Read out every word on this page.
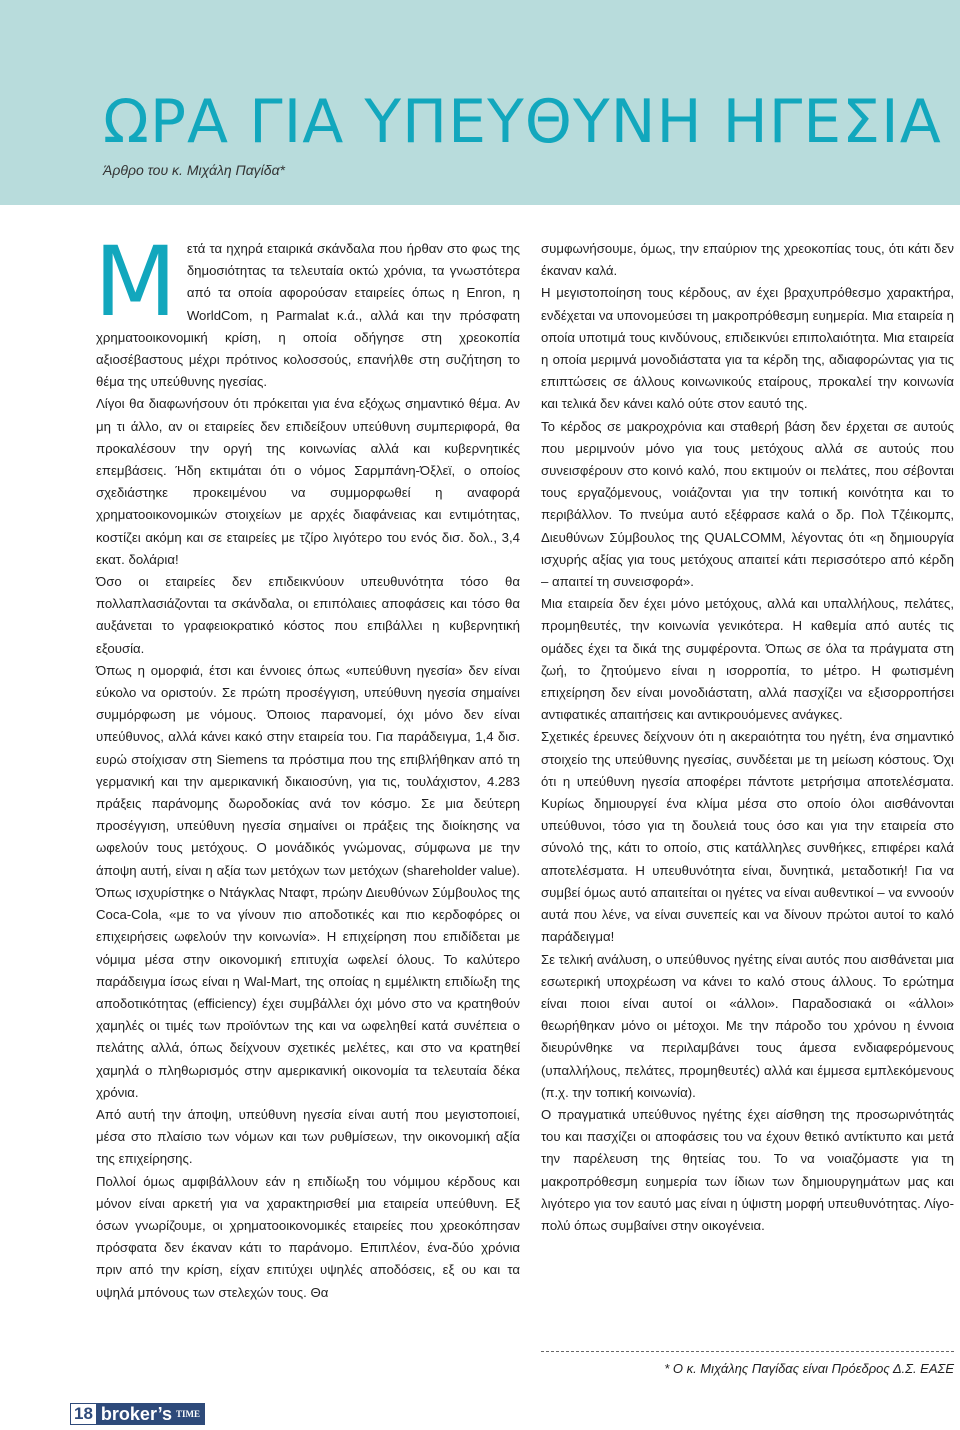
ΩΡΑ ΓΙΑ ΥΠΕΥΘΥΝΗ ΗΓΕΣΙΑ
Άρθρο του κ. Μιχάλη Παγίδα*

Μετά τα ηχηρά εταιρικά σκάνδαλα που ήρθαν στο φως της δημοσιότητας τα τελευταία οκτώ χρόνια, τα γνωστότερα από τα οποία αφορούσαν εταιρείες όπως η Enron, η WorldCom, η Parmalat κ.ά., αλλά και την πρόσφατη χρηματοοικονομική κρίση, η οποία οδήγησε στη χρεοκοπία αξιοσέβαστους μέχρι πρότινος κολοσσούς, επανήλθε στη συζήτηση το θέμα της υπεύθυνης ηγεσίας.

Λίγοι θα διαφωνήσουν ότι πρόκειται για ένα εξόχως σημαντικό θέμα. Αν μη τι άλλο, αν οι εταιρείες δεν επιδείξουν υπεύθυνη συμπεριφορά, θα προκαλέσουν την οργή της κοινωνίας αλλά και κυβερνητικές επεμβάσεις. Ήδη εκτιμάται ότι ο νόμος Σαρμπάνη-Όξλεϊ, ο οποίος σχεδιάστηκε προκειμένου να συμμορφωθεί η αναφορά χρηματοοικονομικών στοιχείων με αρχές διαφάνειας και εντιμότητας, κοστίζει ακόμη και σε εταιρείες με τζίρο λιγότερο του ενός δισ. δολ., 3,4 εκατ. δολάρια!

Όσο οι εταιρείες δεν επιδεικνύουν υπευθυνότητα τόσο θα πολλαπλασιάζονται τα σκάνδαλα, οι επιπόλαιες αποφάσεις και τόσο θα αυξάνεται το γραφειοκρατικό κόστος που επιβάλλει η κυβερνητική εξουσία.

Όπως η ομορφιά, έτσι και έννοιες όπως «υπεύθυνη ηγεσία» δεν είναι εύκολο να οριστούν. Σε πρώτη προσέγγιση, υπεύθυνη ηγεσία σημαίνει συμμόρφωση με νόμους. Όποιος παρανομεί, όχι μόνο δεν είναι υπεύθυνος, αλλά κάνει κακό στην εταιρεία του. Για παράδειγμα, 1,4 δισ. ευρώ στοίχισαν στη Siemens τα πρόστιμα που της επιβλήθηκαν από τη γερμανική και την αμερικανική δικαιοσύνη, για τις, τουλάχιστον, 4.283 πράξεις παράνομης δωροδοκίας ανά τον κόσμο. Σε μια δεύτερη προσέγγιση, υπεύθυνη ηγεσία σημαίνει οι πράξεις της διοίκησης να ωφελούν τους μετόχους. Ο μονάδικός γνώμονας, σύμφωνα με την άποψη αυτή, είναι η αξία των μετόχων των μετόχων (shareholder value). Όπως ισχυρίστηκε ο Ντάγκλας Νταφτ, πρώην Διευθύνων Σύμβουλος της Coca-Cola, «με το να γίνουν πιο αποδοτικές και πιο κερδοφόρες οι επιχειρήσεις ωφελούν την κοινωνία». Η επιχείρηση που επιδίδεται με νόμιμα μέσα στην οικονομική επιτυχία ωφελεί όλους. Το καλύτερο παράδειγμα ίσως είναι η Wal-Mart, της οποίας η εμμέλικτη επιδίωξη της αποδοτικότητας (efficiency) έχει συμβάλλει όχι μόνο στο να κρατηθούν χαμηλές οι τιμές των προϊόντων της και να ωφεληθεί κατά συνέπεια ο πελάτης αλλά, όπως δείχνουν σχετικές μελέτες, και στο να κρατηθεί χαμηλά ο πληθωρισμός στην αμερικανική οικονομία τα τελευταία δέκα χρόνια.

Από αυτή την άποψη, υπεύθυνη ηγεσία είναι αυτή που μεγιστοποιεί, μέσα στο πλαίσιο των νόμων και των ρυθμίσεων, την οικονομική αξία της επιχείρησης.

Πολλοί όμως αμφιβάλλουν εάν η επιδίωξη του νόμιμου κέρδους και μόνον είναι αρκετή για να χαρακτηρισθεί μια εταιρεία υπεύθυνη. Εξ όσων γνωρίζουμε, οι χρηματοοικονομικές εταιρείες που χρεοκόπησαν πρόσφατα δεν έκαναν κάτι το παράνομο. Επιπλέον, ένα-δύο χρόνια πριν από την κρίση, είχαν επιτύχει υψηλές αποδόσεις, εξ ου και τα υψηλά μπόνους των στελεχών τους. Θα

συμφωνήσουμε, όμως, την επαύριον της χρεοκοπίας τους, ότι κάτι δεν έκαναν καλά.

Η μεγιστοποίηση τους κέρδους, αν έχει βραχυπρόθεσμο χαρακτήρα, ενδέχεται να υπονομεύσει τη μακροπρόθεσμη ευημερία. Μια εταιρεία η οποία υποτιμά τους κινδύνους, επιδεικνύει επιπολαιότητα. Μια εταιρεία η οποία μεριμνά μονοδιάστατα για τα κέρδη της, αδιαφορώντας για τις επιπτώσεις σε άλλους κοινωνικούς εταίρους, προκαλεί την κοινωνία και τελικά δεν κάνει καλό ούτε στον εαυτό της.

Το κέρδος σε μακροχρόνια και σταθερή βάση δεν έρχεται σε αυτούς που μεριμνούν μόνο για τους μετόχους αλλά σε αυτούς που συνεισφέρουν στο κοινό καλό, που εκτιμούν οι πελάτες, που σέβονται τους εργαζόμενους, νοιάζονται για την τοπική κοινότητα και το περιβάλλον. Το πνεύμα αυτό εξέφρασε καλά ο δρ. Πολ Τζέικομπς, Διευθύνων Σύμβουλος της QUALCOMM, λέγοντας ότι «η δημιουργία ισχυρής αξίας για τους μετόχους απαιτεί κάτι περισσότερο από κέρδη – απαιτεί τη συνεισφορά».

Μια εταιρεία δεν έχει μόνο μετόχους, αλλά και υπαλλήλους, πελάτες, προμηθευτές, την κοινωνία γενικότερα. Η καθεμία από αυτές τις ομάδες έχει τα δικά της συμφέροντα. Όπως σε όλα τα πράγματα στη ζωή, το ζητούμενο είναι η ισορροπία, το μέτρο. Η φωτισμένη επιχείρηση δεν είναι μονοδιάστατη, αλλά πασχίζει να εξισορροπήσει αντιφατικές απαιτήσεις και αντικρουόμενες ανάγκες.

Σχετικές έρευνες δείχνουν ότι η ακεραιότητα του ηγέτη, ένα σημαντικό στοιχείο της υπεύθυνης ηγεσίας, συνδέεται με τη μείωση κόστους. Όχι ότι η υπεύθυνη ηγεσία αποφέρει πάντοτε μετρήσιμα αποτελέσματα. Κυρίως δημιουργεί ένα κλίμα μέσα στο οποίο όλοι αισθάνονται υπεύθυνοι, τόσο για τη δουλειά τους όσο και για την εταιρεία στο σύνολό της, κάτι το οποίο, στις κατάλληλες συνθήκες, επιφέρει καλά αποτελέσματα. Η υπευθυνότητα είναι, δυνητικά, μεταδοτική! Για να συμβεί όμως αυτό απαιτείται οι ηγέτες να είναι αυθεντικοί – να εννοούν αυτά που λένε, να είναι συνεπείς και να δίνουν πρώτοι αυτοί το καλό παράδειγμα!

Σε τελική ανάλυση, ο υπεύθυνος ηγέτης είναι αυτός που αισθάνεται μια εσωτερική υποχρέωση να κάνει το καλό στους άλλους. Το ερώτημα είναι ποιοι είναι αυτοί οι «άλλοι». Παραδοσιακά οι «άλλοι» θεωρήθηκαν μόνο οι μέτοχοι. Με την πάροδο του χρόνου η έννοια διευρύνθηκε να περιλαμβάνει τους άμεσα ενδιαφερόμενους (υπαλλήλους, πελάτες, προμηθευτές) αλλά και έμμεσα εμπλεκόμενους (π.χ. την τοπική κοινωνία).

Ο πραγματικά υπεύθυνος ηγέτης έχει αίσθηση της προσωρινότητάς του και πασχίζει οι αποφάσεις του να έχουν θετικό αντίκτυπο και μετά την παρέλευση της θητείας του. Το να νοιαζόμαστε για τη μακροπρόθεσμη ευημερία των ίδιων των δημιουργημάτων μας και λιγότερο για τον εαυτό μας είναι η ύψιστη μορφή υπευθυνότητας. Λίγο-πολύ όπως συμβαίνει στην οικογένεια.

* Ο κ. Μιχάλης Παγίδας είναι Πρόεδρος Δ.Σ. ΕΑΣΕ
18 broker’s TIME
